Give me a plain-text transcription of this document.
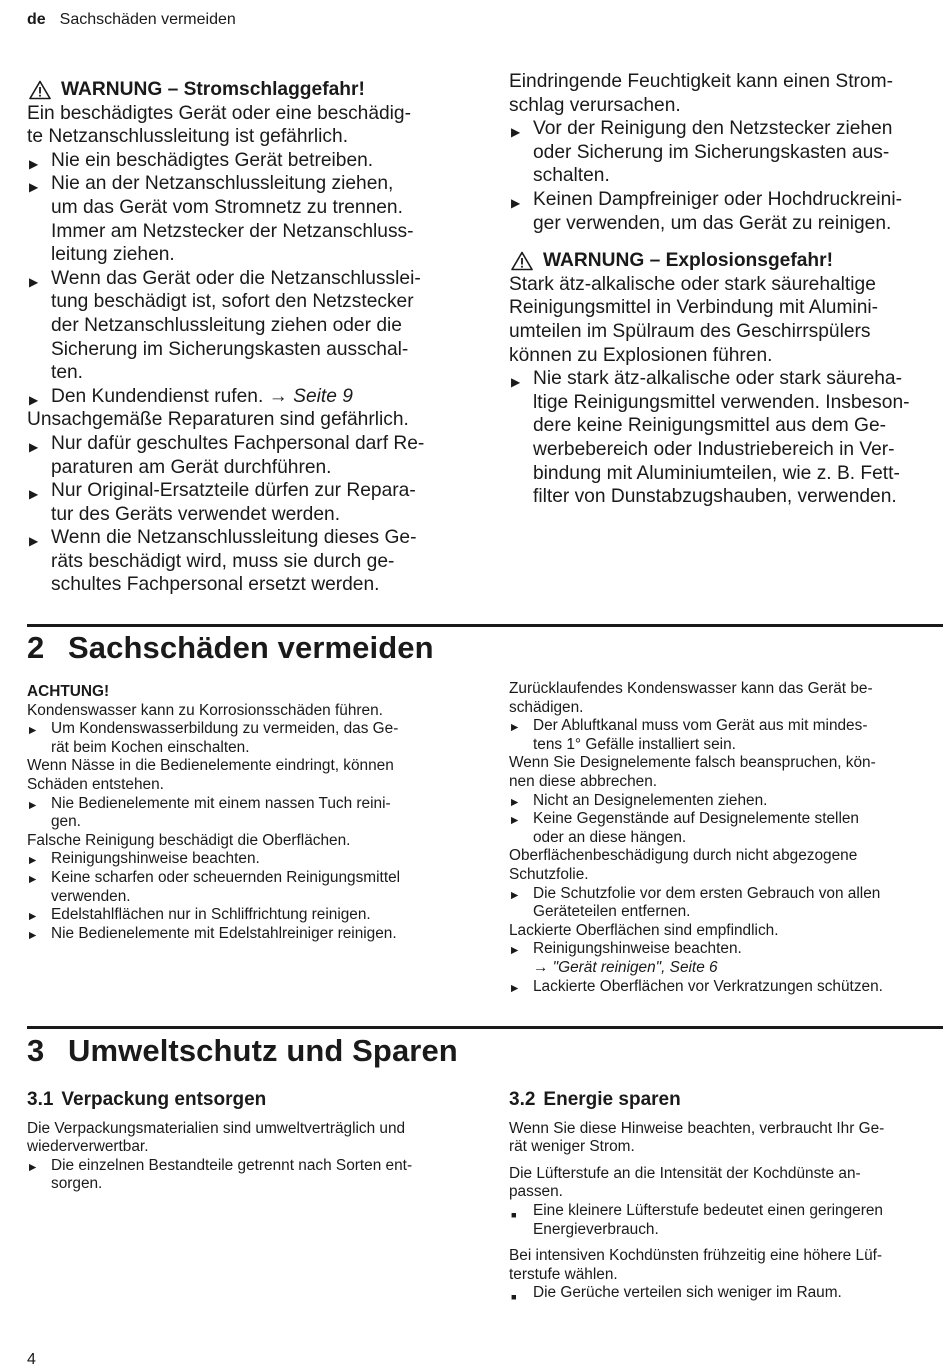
de Sachschäden vermeiden

WARNUNG – Stromschlaggefahr!

Ein beschädigtes Gerät oder eine beschädig-
te Netzanschlussleitung ist gefährlich.

▶ Nie ein beschädigtes Gerät betreiben.
▶ Nie an der Netzanschlussleitung ziehen,
um das Gerät vom Stromnetz zu trennen.
Immer am Netzstecker der Netzanschluss-
leitung ziehen.
▶ Wenn das Gerät oder die Netzanschlusslei-
tung beschädigt ist, sofort den Netzstecker
der Netzanschlussleitung ziehen oder die
Sicherung im Sicherungskasten ausschal-
ten.
▶ Den Kundendienst rufen. → Seite 9

Unsachgemäße Reparaturen sind gefährlich.

▶ Nur dafür geschultes Fachpersonal darf Re-
paraturen am Gerät durchführen.
▶ Nur Original-Ersatzteile dürfen zur Repara-
tur des Geräts verwendet werden.
▶ Wenn die Netzanschlussleitung dieses Ge-
räts beschädigt wird, muss sie durch ge-
schultes Fachpersonal ersetzt werden.

Eindringende Feuchtigkeit kann einen Strom-
schlag verursachen.

▶ Vor der Reinigung den Netzstecker ziehen
oder Sicherung im Sicherungskasten aus-
schalten.
▶ Keinen Dampfreiniger oder Hochdruckreini-
ger verwenden, um das Gerät zu reinigen.

WARNUNG – Explosionsgefahr!

Stark ätz-alkalische oder stark säurehaltige
Reinigungsmittel in Verbindung mit Alumini-
umteilen im Spülraum des Geschirrspülers
können zu Explosionen führen.

▶ Nie stark ätz-alkalische oder stark säureha-
ltige Reinigungsmittel verwenden. Insbeson-
dere keine Reinigungsmittel aus dem Ge-
werbebereich oder Industriebereich in Ver-
bindung mit Aluminiumteilen, wie z. B. Fett-
filter von Dunstabzugshauben, verwenden.
2 Sachschäden vermeiden

ACHTUNG!

Kondenswasser kann zu Korrosionsschäden führen.

▶ Um Kondenswasserbildung zu vermeiden, das Ge-
rät beim Kochen einschalten.

Wenn Nässe in die Bedienelemente eindringt, können
Schäden entstehen.

▶ Nie Bedienelemente mit einem nassen Tuch reini-
gen.

Falsche Reinigung beschädigt die Oberflächen.

▶ Reinigungshinweise beachten.
▶ Keine scharfen oder scheuernden Reinigungsmittel
verwenden.
▶ Edelstahlflächen nur in Schliffrichtung reinigen.
▶ Nie Bedienelemente mit Edelstahlreiniger reinigen.

Zurücklaufendes Kondenswasser kann das Gerät be-
schädigen.

▶ Der Abluftkanal muss vom Gerät aus mit mindes-
tens 1° Gefälle installiert sein.

Wenn Sie Designelemente falsch beanspruchen, kön-
nen diese abbrechen.

▶ Nicht an Designelementen ziehen.
▶ Keine Gegenstände auf Designelemente stellen
oder an diese hängen.

Oberflächenbeschädigung durch nicht abgezogene
Schutzfolie.

▶ Die Schutzfolie vor dem ersten Gebrauch von allen
Geräteteilen entfernen.

Lackierte Oberflächen sind empfindlich.

▶ Reinigungshinweise beachten.
→ "Gerät reinigen", Seite 6
▶ Lackierte Oberflächen vor Verkratzungen schützen.
3 Umweltschutz und Sparen

3.1 Verpackung entsorgen

Die Verpackungsmaterialien sind umweltverträglich und
wiederverwertbar.

▶ Die einzelnen Bestandteile getrennt nach Sorten ent-
sorgen.

3.2 Energie sparen

Wenn Sie diese Hinweise beachten, verbraucht Ihr Ge-
rät weniger Strom.

Die Lüfterstufe an die Intensität der Kochdünste an-
passen.

■ Eine kleinere Lüfterstufe bedeutet einen geringeren
Energieverbrauch.

Bei intensiven Kochdünsten frühzeitig eine höhere Lüf-
terstufe wählen.

■ Die Gerüche verteilen sich weniger im Raum.
4
